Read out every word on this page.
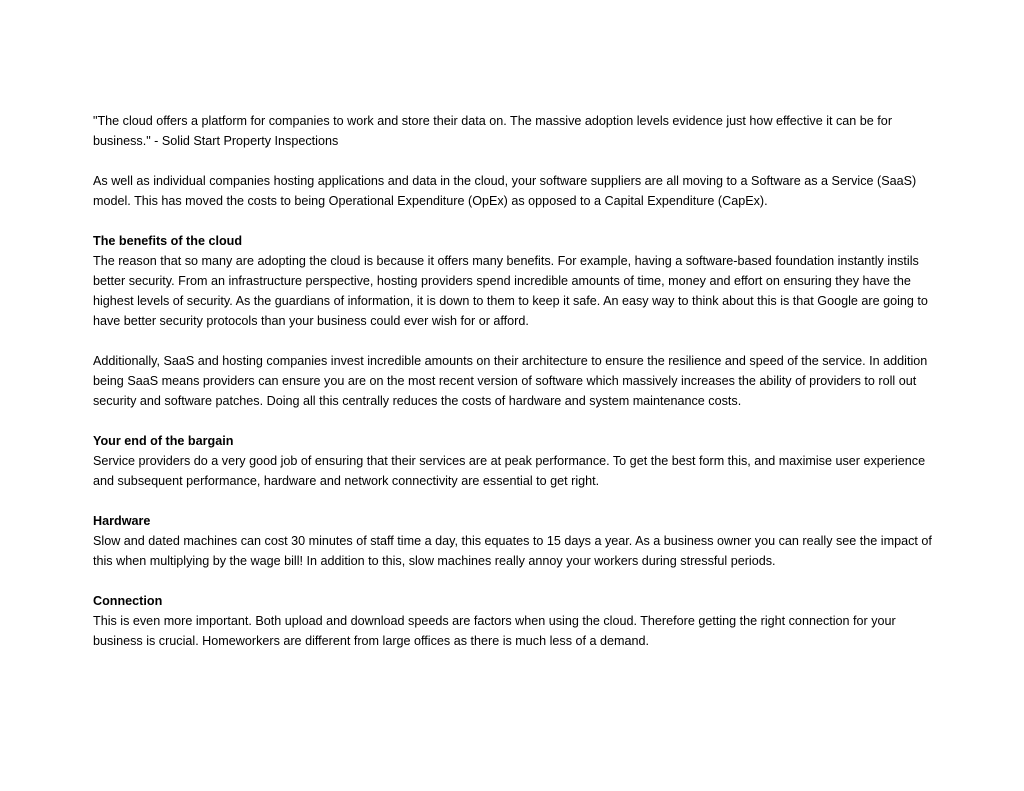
"The cloud offers a platform for companies to work and store their data on. The massive adoption levels evidence just how effective it can be for business." - Solid Start Property Inspections

As well as individual companies hosting applications and data in the cloud, your software suppliers are all moving to a Software as a Service (SaaS) model. This has moved the costs to being Operational Expenditure (OpEx) as opposed to a Capital Expenditure (CapEx).

The benefits of the cloud
The reason that so many are adopting the cloud is because it offers many benefits. For example, having a software-based foundation instantly instils better security. From an infrastructure perspective, hosting providers spend incredible amounts of time, money and effort on ensuring they have the highest levels of security. As the guardians of information, it is down to them to keep it safe. An easy way to think about this is that Google are going to have better security protocols than your business could ever wish for or afford.

Additionally, SaaS and hosting companies invest incredible amounts on their architecture to ensure the resilience and speed of the service. In addition being SaaS means providers can ensure you are on the most recent version of software which massively increases the ability of providers to roll out security and software patches. Doing all this centrally reduces the costs of hardware and system maintenance costs.

Your end of the bargain
Service providers do a very good job of ensuring that their services are at peak performance. To get the best form this, and maximise user experience and subsequent performance, hardware and network connectivity are essential to get right.

Hardware
Slow and dated machines can cost 30 minutes of staff time a day, this equates to 15 days a year. As a business owner you can really see the impact of this when multiplying by the wage bill! In addition to this, slow machines really annoy your workers during stressful periods.

Connection
This is even more important. Both upload and download speeds are factors when using the cloud. Therefore getting the right connection for your business is crucial. Homeworkers are different from large offices as there is much less of a demand.
